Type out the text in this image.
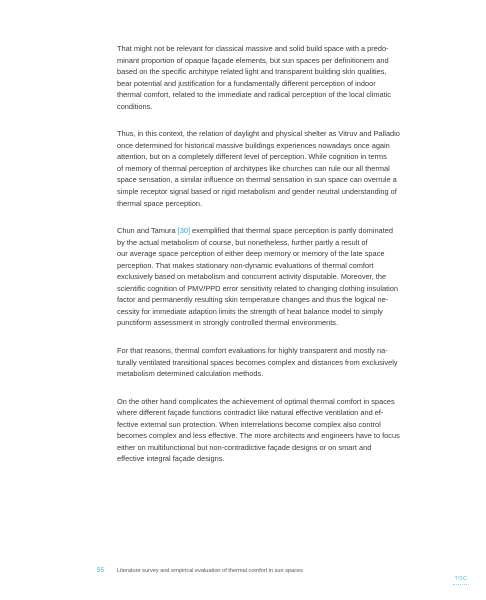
That might not be relevant for classical massive and solid build space with a predo-
minant proportion of opaque façade elements, but sun spaces per definitionem and
based on the specific architype related light and transparent building skin qualities,
bear potential and justification for a fundamentally different perception of indoor
thermal comfort, related to the immediate and radical perception of the local climatic
conditions.

Thus, in this context, the relation of daylight and physical shelter as Vitruv and Palladio
once determined for historical massive buildings experiences nowadays once again
attention, but on a completely different level of perception. While cognition in terms
of memory of thermal perception of architypes like churches can rule our all thermal
space sensation, a similar influence on thermal sensation in sun space can overrule a
simple receptor signal based or rigid metabolism and gender neutral understanding of
thermal space perception.

Chun and Tamura [30] exemplified that thermal space perception is partly dominated
by the actual metabolism of course, but nonetheless, further partly a result of
our average space perception of either deep memory or memory of the late space
perception. That makes stationary non-dynamic evaluations of thermal comfort
exclusively based on metabolism and concurrent activity disputable. Moreover, the
scientific cognition of PMV/PPD error sensitivity related to changing clothing insulation
factor and permanently resulting skin temperature changes and thus the logical ne-
cessity for immediate adaption limits the strength of heat balance model to simply
punctiform assessment in strongly controlled thermal environments.

For that reasons, thermal comfort evaluations for highly transparent and mostly na-
turally ventilated transitional spaces becomes complex and distances from exclusively
metabolism determined calculation methods.

On the other hand complicates the achievement of optimal thermal comfort in spaces
where different façade functions contradict like natural effective ventilation and ef-
fective external sun protection. When interrelations become complex also control
becomes complex and less effective. The more architects and engineers have to focus
either on multifunctional but non-contradictive façade designs or on smart and
effective integral façade designs.

55 Literature survey and empirical evaluation of thermal comfort in sun spaces
TOC
